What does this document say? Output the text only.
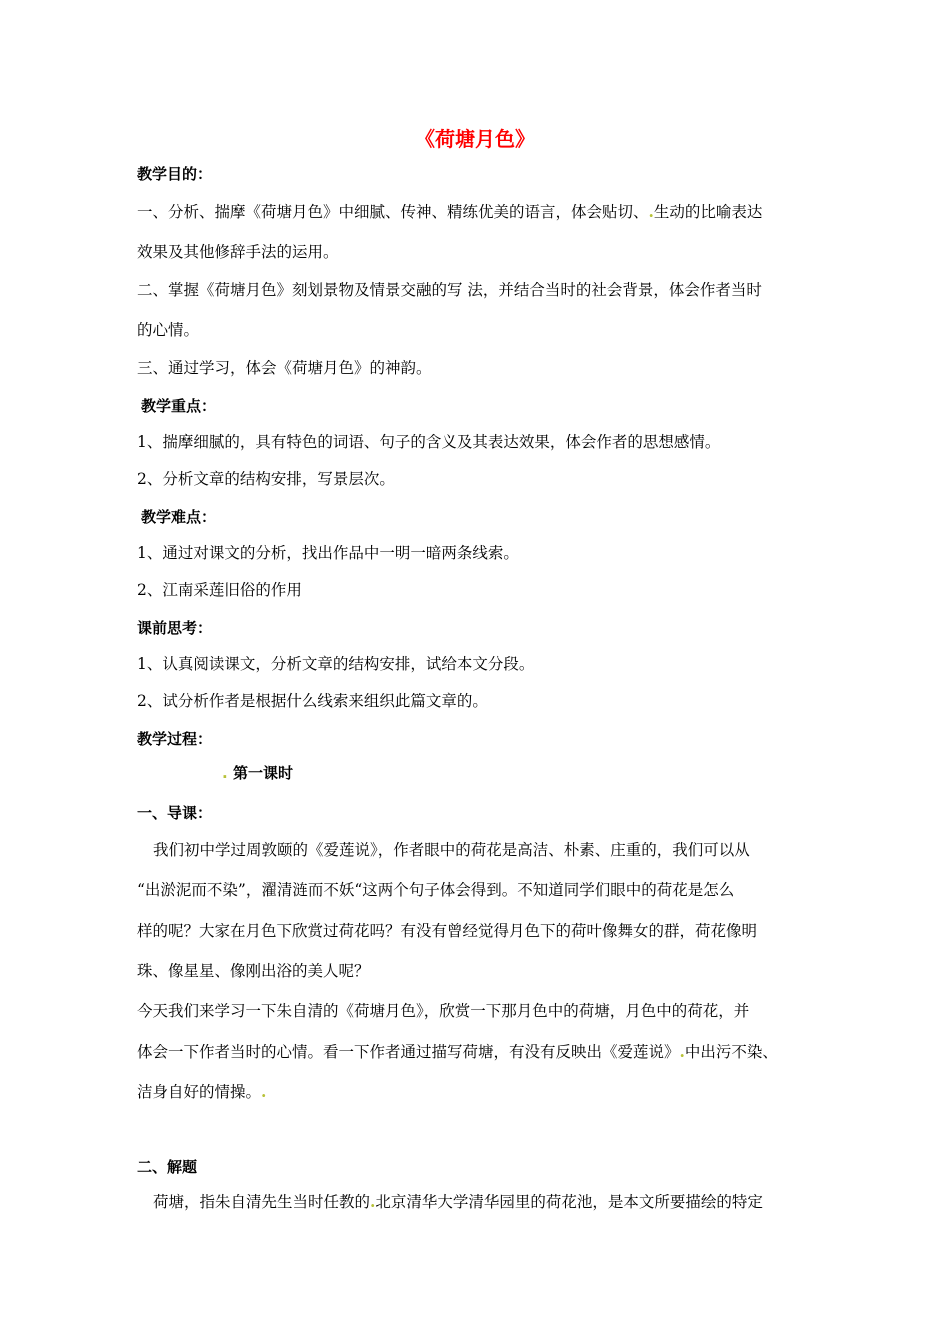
《荷塘月色》
教学目的：
一、分析、揣摩《荷塘月色》中细腻、传神、精练优美的语言，体会贴切、.生动的比喻表达
效果及其他修辞手法的运用。
二、掌握《荷塘月色》刻划景物及情景交融的写 法，并结合当时的社会背景，体会作者当时
的心情。
三、通过学习，体会《荷塘月色》的神韵。
教学重点：
1、揣摩细腻的，具有特色的词语、句子的含义及其表达效果，体会作者的思想感情。
2、分析文章的结构安排，写景层次。
教学难点：
1、通过对课文的分析，找出作品中一明一暗两条线索。
2、江南采莲旧俗的作用
课前思考：
1、认真阅读课文，分析文章的结构安排，试给本文分段。
2、试分析作者是根据什么线索来组织此篇文章的。
教学过程：
. 第一课时
一、导课：
我们初中学过周敦颐的《爱莲说》，作者眼中的荷花是高洁、朴素、庄重的，我们可以从
“出淤泥而不染”，濯清涟而不妖“这两个句子体会得到。不知道同学们眼中的荷花是怎么
样的呢？大家在月色下欣赏过荷花吗？有没有曾经觉得月色下的荷叶像舞女的群，荷花像明
珠、像星星、像刚出浴的美人呢？
今天我们来学习一下朱自清的《荷塘月色》，欣赏一下那月色中的荷塘，月色中的荷花，并
体会一下作者当时的心情。看一下作者通过描写荷塘，有没有反映出《爱莲说》.中出污不染、
洁身自好的情操。.
二、解题
荷塘，指朱自清先生当时任教的.北京清华大学清华园里的荷花池，是本文所要描绘的特定
